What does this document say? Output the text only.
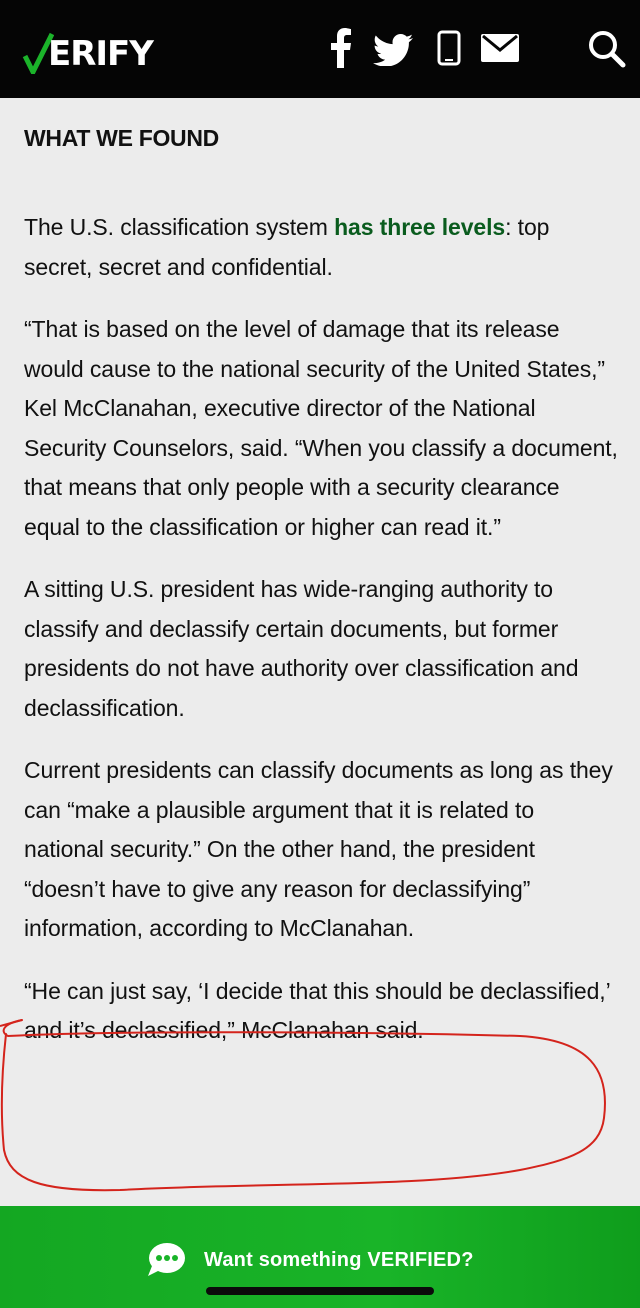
ERIFY
WHAT WE FOUND

The U.S. classification system has three levels: top secret, secret and confidential.

“That is based on the level of damage that its release would cause to the national security of the United States,” Kel McClanahan, executive director of the National Security Counselors, said. “When you classify a document, that means that only people with a security clearance equal to the classification or higher can read it.”

A sitting U.S. president has wide-ranging authority to classify and declassify certain documents, but former presidents do not have authority over classification and declassification.

Current presidents can classify documents as long as they can “make a plausible argument that it is related to national security.” On the other hand, the president “doesn’t have to give any reason for declassifying” information, according to McClanahan.

“He can just say, ‘I decide that this should be declassified,’ and it’s declassified,” McClanahan said.

Want something VERIFIED?
